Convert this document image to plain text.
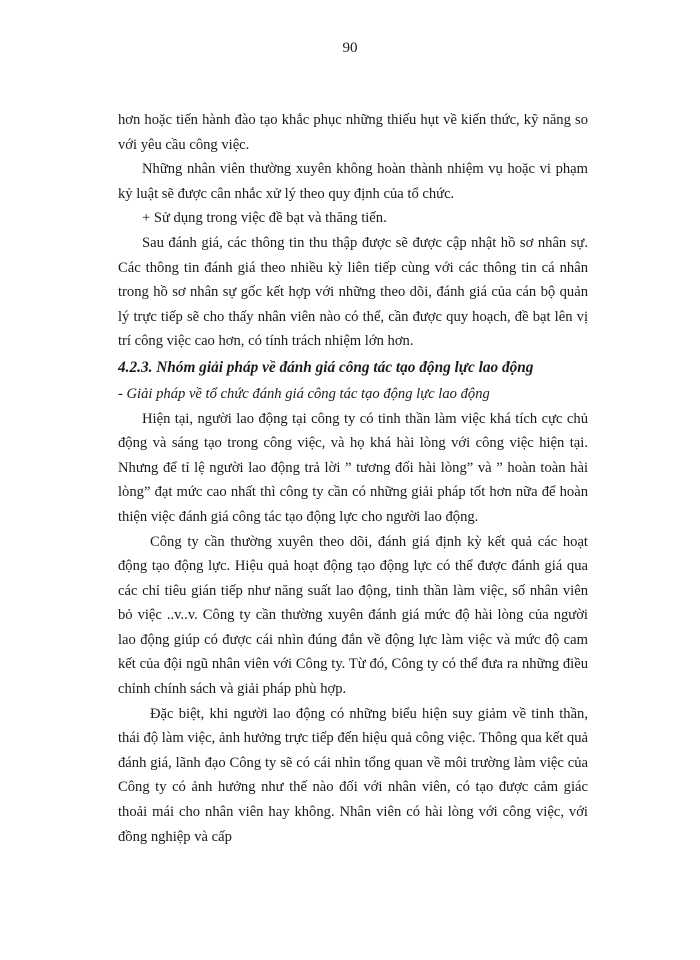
90

hơn hoặc tiến hành đào tạo khắc phục những thiếu hụt về kiến thức, kỹ năng so với yêu cầu công việc.

Những nhân viên thường xuyên không hoàn thành nhiệm vụ hoặc vi phạm kỷ luật sẽ được cân nhắc xử lý theo quy định của tổ chức.

+ Sử dụng trong việc đề bạt và thăng tiến.

Sau đánh giá, các thông tin thu thập được sẽ được cập nhật hồ sơ nhân sự. Các thông tin đánh giá theo nhiều kỳ liên tiếp cùng với các thông tin cá nhân trong hồ sơ nhân sự gốc kết hợp với những theo dõi, đánh giá của cán bộ quản lý trực tiếp sẽ cho thấy nhân viên nào có thể, cần được quy hoạch, đề bạt lên vị trí công việc cao hơn, có tính trách nhiệm lớn hơn.

4.2.3. Nhóm giải pháp về đánh giá công tác tạo động lực lao động

- Giải pháp về tổ chức đánh giá công tác tạo động lực lao động

Hiện tại, người lao động tại công ty có tinh thần làm việc khá tích cực chủ động và sáng tạo trong công việc, và họ khá hài lòng với công việc hiện tại. Nhưng để tỉ lệ người lao động trả lời ” tương đối hài lòng” và ” hoàn toàn hài lòng” đạt mức cao nhất thì công ty cần có những giải pháp tốt hơn nữa để hoàn thiện việc đánh giá công tác tạo động lực cho người lao động.

Công ty cần thường xuyên theo dõi, đánh giá định kỳ kết quả các hoạt động tạo động lực. Hiệu quả hoạt động tạo động lực có thể được đánh giá qua các chỉ tiêu gián tiếp như năng suất lao động, tinh thần làm việc, số nhân viên bỏ việc ..v..v. Công ty cần thường xuyên đánh giá mức độ hài lòng của người lao động giúp có được cái nhìn đúng đắn về động lực làm việc và mức độ cam kết của đội ngũ nhân viên với Công ty. Từ đó, Công ty có thể đưa ra những điều chỉnh chính sách và giải pháp phù hợp.

Đặc biệt, khi người lao động có những biểu hiện suy giảm về tinh thần, thái độ làm việc, ảnh hưởng trực tiếp đến hiệu quả công việc. Thông qua kết quả đánh giá, lãnh đạo Công ty sẽ có cái nhìn tổng quan về môi trường làm việc của Công ty có ảnh hưởng như thế nào đối với nhân viên, có tạo được cảm giác thoải mái cho nhân viên hay không. Nhân viên có hài lòng với công việc, với đồng nghiệp và cấp
